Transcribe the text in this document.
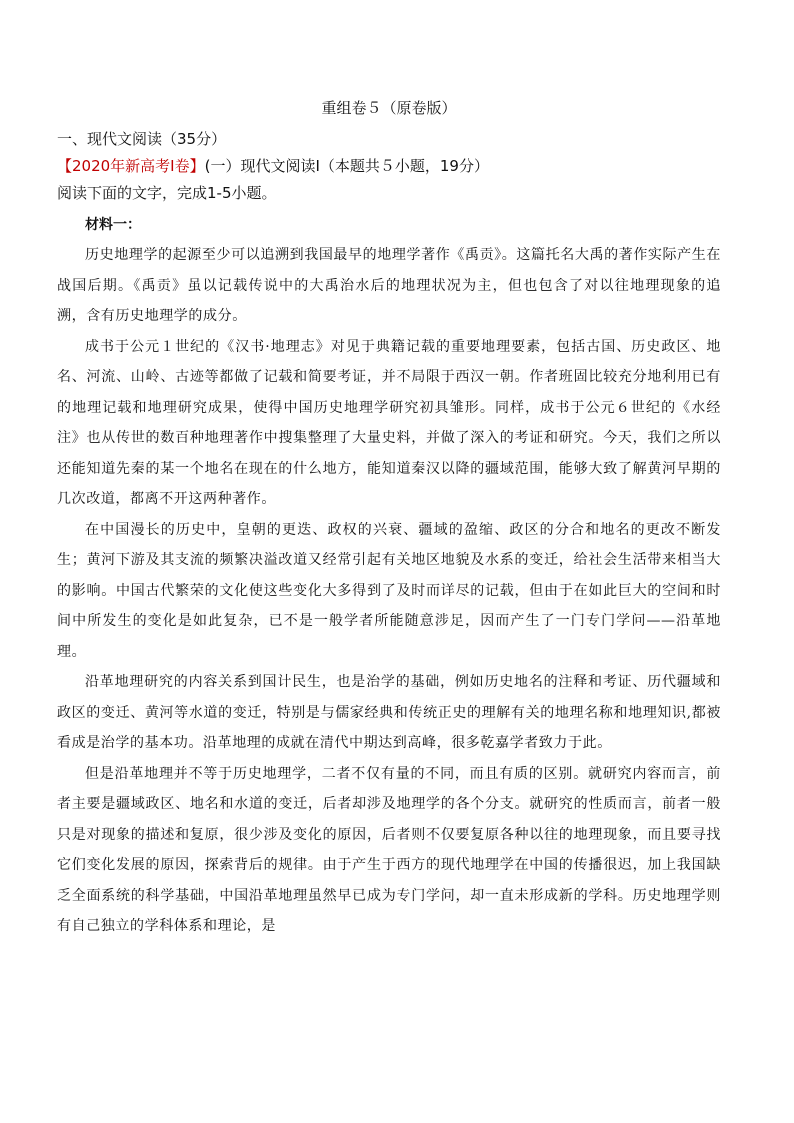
重组卷５（原卷版）
一、现代文阅读（35分）
【2020年新高考Ⅰ卷】(一）现代文阅读Ⅰ（本题共５小题，19分）
阅读下面的文字，完成1-5小题。
材料一：

历史地理学的起源至少可以追溯到我国最早的地理学著作《禹贡》。这篇托名大禹的著作实际产生在战国后期。《禹贡》虽以记载传说中的大禹治水后的地理状况为主，但也包含了对以往地理现象的追溯，含有历史地理学的成分。

成书于公元１世纪的《汉书·地理志》对见于典籍记载的重要地理要素，包括古国、历史政区、地名、河流、山岭、古迹等都做了记载和简要考证，并不局限于西汉一朝。作者班固比较充分地利用已有的地理记载和地理研究成果，使得中国历史地理学研究初具雏形。同样，成书于公元６世纪的《水经注》也从传世的数百种地理著作中搜集整理了大量史料，并做了深入的考证和研究。今天，我们之所以还能知道先秦的某一个地名在现在的什么地方，能知道秦汉以降的疆域范围，能够大致了解黄河早期的几次改道，都离不开这两种著作。

在中国漫长的历史中，皇朝的更迭、政权的兴衰、疆域的盈缩、政区的分合和地名的更改不断发生；黄河下游及其支流的频繁决溢改道又经常引起有关地区地貌及水系的变迁，给社会生活带来相当大的影响。中国古代繁荣的文化使这些变化大多得到了及时而详尽的记载，但由于在如此巨大的空间和时间中所发生的变化是如此复杂，已不是一般学者所能随意涉足，因而产生了一门专门学问——沿革地理。

沿革地理研究的内容关系到国计民生，也是治学的基础，例如历史地名的注释和考证、历代疆域和政区的变迁、黄河等水道的变迁，特别是与儒家经典和传统正史的理解有关的地理名称和地理知识,都被看成是治学的基本功。沿革地理的成就在清代中期达到高峰，很多乾嘉学者致力于此。

但是沿革地理并不等于历史地理学，二者不仅有量的不同，而且有质的区别。就研究内容而言，前者主要是疆域政区、地名和水道的变迁，后者却涉及地理学的各个分支。就研究的性质而言，前者一般只是对现象的描述和复原，很少涉及变化的原因，后者则不仅要复原各种以往的地理现象，而且要寻找它们变化发展的原因，探索背后的规律。由于产生于西方的现代地理学在中国的传播很迟，加上我国缺乏全面系统的科学基础，中国沿革地理虽然早已成为专门学问，却一直未形成新的学科。历史地理学则有自己独立的学科体系和理论，是
